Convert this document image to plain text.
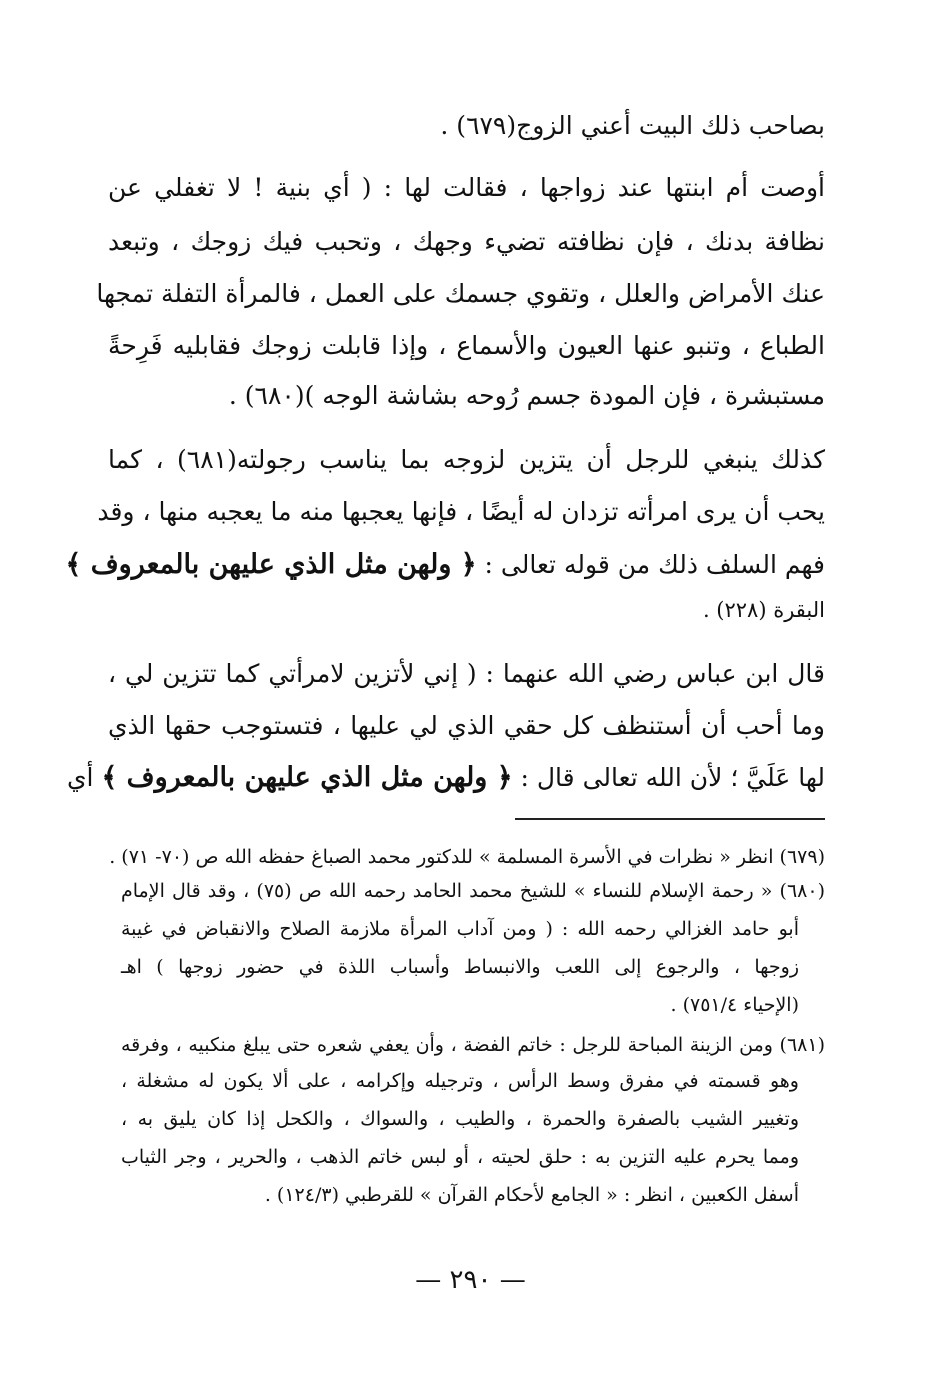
بصاحب ذلك البيت أعني الزوج(٦٧٩) .
أوصت أم ابنتها عند زواجها ، فقالت لها : ( أي بنية ! لا تغفلي عن
نظافة بدنك ، فإن نظافته تضيء وجهك ، وتحبب فيك زوجك ، وتبعد
عنك الأمراض والعلل ، وتقوي جسمك على العمل ، فالمرأة التفلة تمجها
الطباع ، وتنبو عنها العيون والأسماع ، وإذا قابلت زوجك فقابليه فَرِحةً
مستبشرة ، فإن المودة جسم رُوحه بشاشة الوجه )(٦٨٠) .
كذلك ينبغي للرجل أن يتزين لزوجه بما يناسب رجولته(٦٨١) ، كما
يحب أن يرى امرأته تزدان له أيضًا ، فإنها يعجبها منه ما يعجبه منها ، وقد
فهم السلف ذلك من قوله تعالى : ﴿ ولهن مثل الذي عليهن بالمعروف ﴾
البقرة (٢٢٨) .
قال ابن عباس رضي الله عنهما : ( إني لأتزين لامرأتي كما تتزين لي ،
وما أحب أن أستنظف كل حقي الذي لي عليها ، فتستوجب حقها الذي
لها عَلَيَّ ؛ لأن الله تعالى قال : ﴿ ولهن مثل الذي عليهن بالمعروف ﴾ أي
(٦٧٩) انظر « نظرات في الأسرة المسلمة » للدكتور محمد الصباغ حفظه الله ص (٧٠- ٧١) .
(٦٨٠) « رحمة الإسلام للنساء » للشيخ محمد الحامد رحمه الله ص (٧٥) ، وقد قال الإمام
أبو حامد الغزالي رحمه الله : ( ومن آداب المرأة ملازمة الصلاح والانقباض في غيبة
زوجها ، والرجوع إلى اللعب والانبساط وأسباب اللذة في حضور زوجها ) اهـ
(الإحياء ٧٥١/٤) .
(٦٨١) ومن الزينة المباحة للرجل : خاتم الفضة ، وأن يعفي شعره حتى يبلغ منكبيه ، وفرقه
وهو قسمته في مفرق وسط الرأس ، وترجيله وإكرامه ، على ألا يكون له مشغلة ،
وتغيير الشيب بالصفرة والحمرة ، والطيب ، والسواك ، والكحل إذا كان يليق به ،
ومما يحرم عليه التزين به : حلق لحيته ، أو لبس خاتم الذهب ، والحرير ، وجر الثياب
أسفل الكعبين ، انظر : « الجامع لأحكام القرآن » للقرطبي (١٢٤/٣) .
— ٢٩٠ —
